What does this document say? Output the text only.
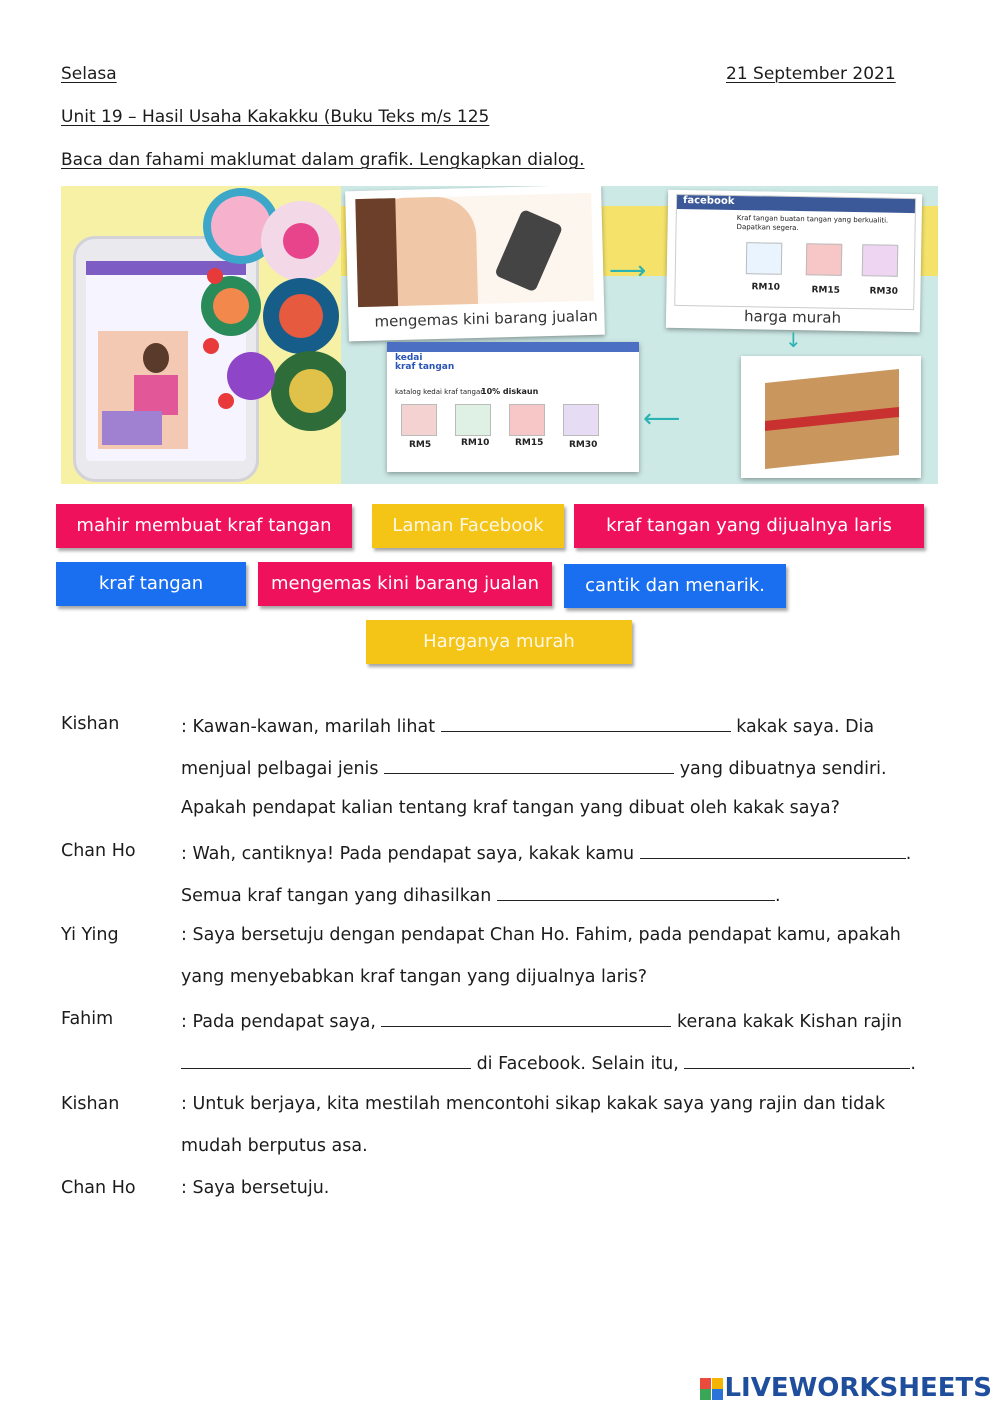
Selasa	21 September 2021
Unit 19 – Hasil Usaha Kakakku (Buku Teks m/s 125
Baca dan fahami maklumat dalam grafik. Lengkapkan dialog.
mengemas kini barang jualan
facebook
Kraf tangan buatan tangan yang berkualiti.
Dapatkan segera.
RM10	RM15	RM30
harga murah
⟶
↓
⟵
kedai
kraf tangan
katalog kedai kraf tangan
10% diskaun
RM5	RM10	RM15	RM30
mahir membuat kraf tangan	Laman Facebook	kraf tangan yang dijualnya laris
kraf tangan	mengemas kini barang jualan	cantik dan menarik.
Harganya murah
Kishan	: Kawan-kawan, marilah lihat	kakak saya. Dia
menjual pelbagai jenis	yang dibuatnya sendiri.
Apakah pendapat kalian tentang kraf tangan yang dibuat oleh kakak saya?
Chan Ho	: Wah, cantiknya! Pada pendapat saya, kakak kamu	.
Semua kraf tangan yang dihasilkan	.
Yi Ying	: Saya bersetuju dengan pendapat Chan Ho. Fahim, pada pendapat kamu, apakah
yang menyebabkan kraf tangan yang dijualnya laris?
Fahim	: Pada pendapat saya,	kerana kakak Kishan rajin
di Facebook. Selain itu,	.
Kishan	: Untuk berjaya, kita mestilah mencontohi sikap kakak saya yang rajin dan tidak
mudah berputus asa.
Chan Ho	: Saya bersetuju.

LIVEWORKSHEETS
